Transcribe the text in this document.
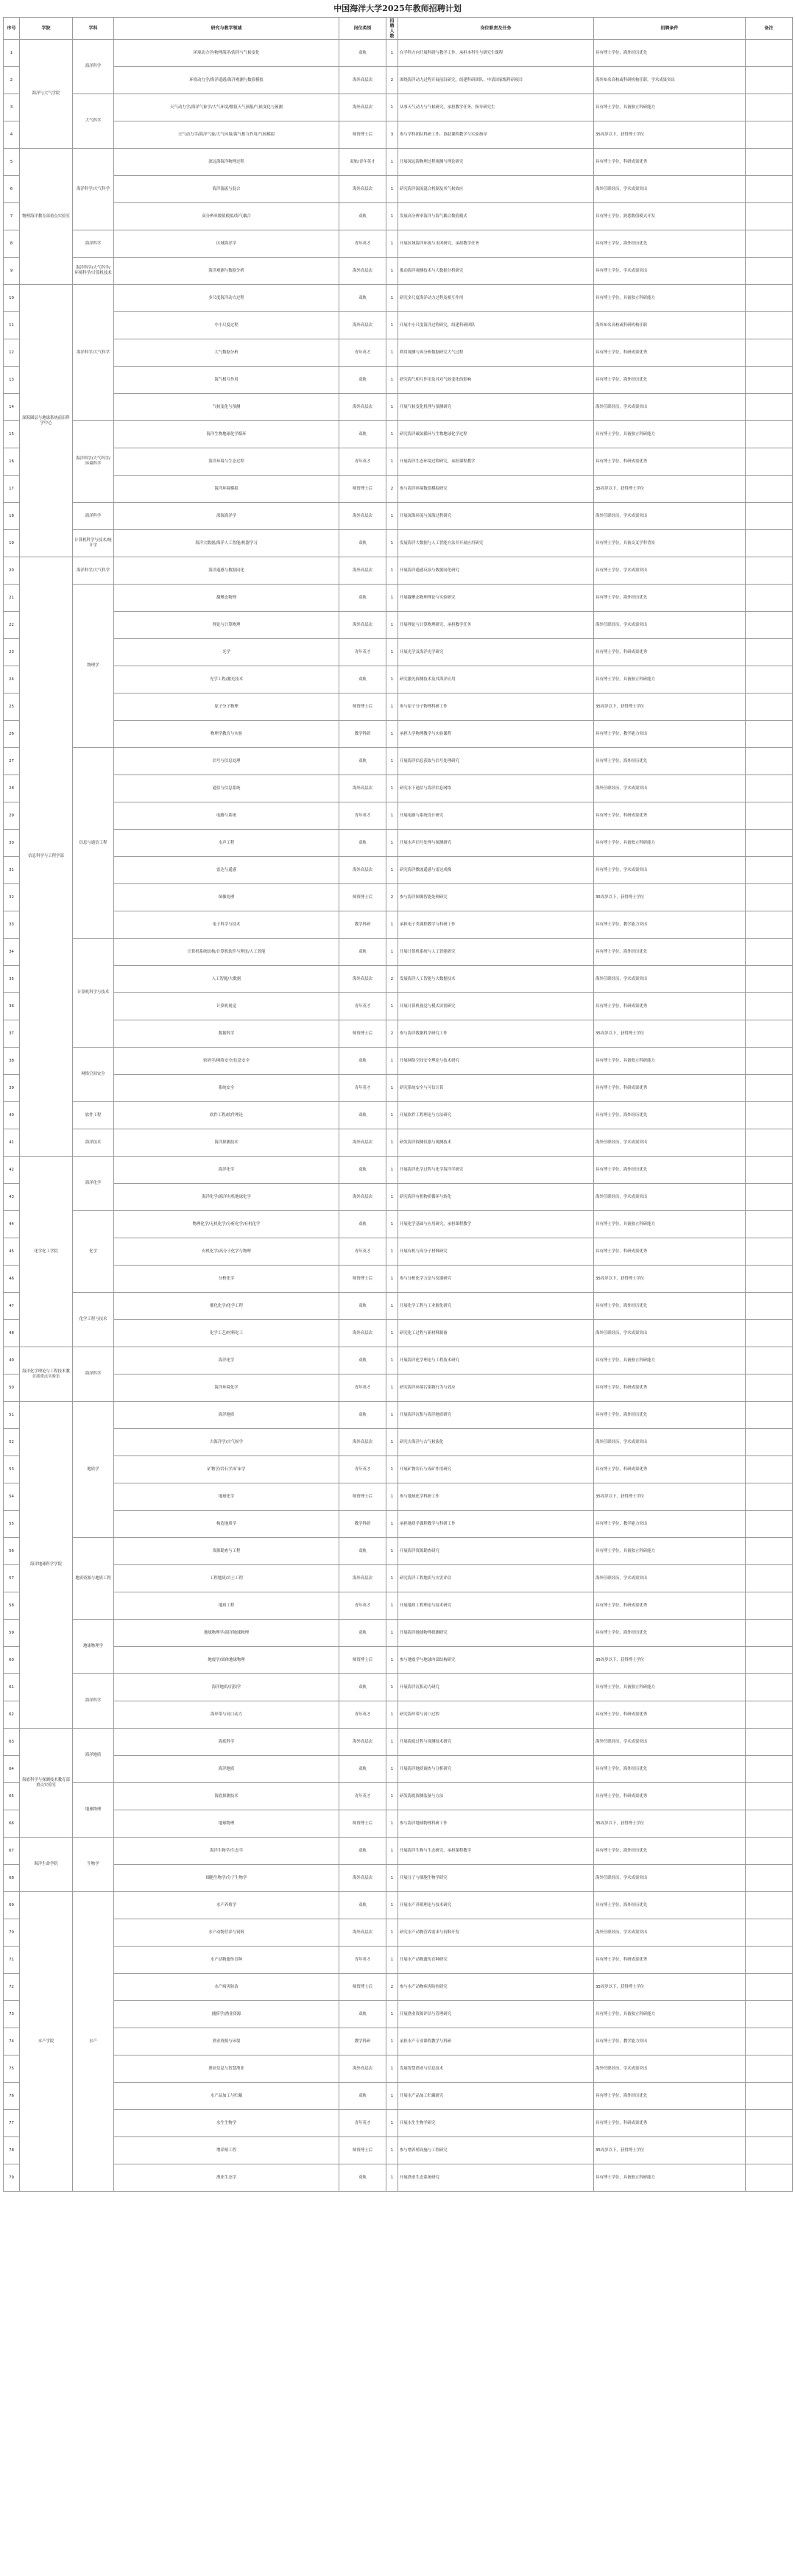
中国海洋大学2025年教师招聘计划
序号	学院	学科	研究与教学领域	岗位类别	招聘人数	岗位职责及任务	招聘条件	备注
1	海洋与大气学院	海洋科学	环境动力学/物理海洋/海洋与气候变化	双轨	1	在学科方向开展科研与教学工作，承担本科生与研究生课程	具有博士学位，海外经历优先	
2			环境动力学/海洋遥感/海洋观测与数值模拟	海外高层次	2	围绕海洋动力过程开展前沿研究，组建科研团队，申请国家级科研项目	海外知名高校或科研机构任职，学术成果突出	
3		大气科学	天气动力学/海洋气象学/大气环境/数值天气预报/气候变化与预测	海外高层次	1	从事天气动力与气候研究，承担教学任务，指导研究生	具有博士学位，具备独立科研能力	
4			天气动力学/海洋气象/大气环境/海气相互作用/气候模拟	师资博士后	3	参与学科团队科研工作，协助课程教学与实验指导	35周岁以下，获得博士学位	
5	物理海洋教育部重点实验室	海洋科学/大气科学	深远海海洋物理过程	双轨/青年英才	1	开展深远海物理过程观测与理论研究	具有博士学位，科研成果优秀	
6			海洋湍流与混合	海外高层次	1	研究海洋湍流混合机制及其气候效应	海外任职经历，学术成果突出	
7			高分辨率数值模拟/海气耦合	双轨	1	发展高分辨率海洋与海气耦合数值模式	具有博士学位，熟悉数值模式开发	
8		海洋科学	区域海洋学	青年英才	1	开展区域海洋环流与水团研究，承担教学任务	具有博士学位，海外经历优先	
9		海洋科学/大气科学/环境科学/计算机技术	海洋观测与数据分析	海外高层次	1	推动海洋观测技术与大数据分析研究	具有博士学位，学术成果突出	
10	深海圈层与地球系统前沿科学中心	海洋科学/大气科学	多尺度海洋动力过程	双轨	1	研究多尺度海洋动力过程及相互作用	具有博士学位，具备独立科研能力	
11			中小尺度过程	海外高层次	1	开展中小尺度海洋过程研究，组建科研团队	海外知名高校或科研机构任职	
12			大气数据分析	青年英才	1	利用观测与再分析数据研究大气过程	具有博士学位，科研成果优秀	
13			海气相互作用	双轨	1	研究海气相互作用及其对气候变化的影响	具有博士学位，海外经历优先	
14			气候变化与预测	海外高层次	1	开展气候变化机理与预测研究	海外任职经历，学术成果突出	
15		海洋科学/大气科学/环境科学	海洋生物地球化学循环	双轨	1	研究海洋碳氮循环与生物地球化学过程	具有博士学位，具备独立科研能力	
16			海洋环境与生态过程	青年英才	1	开展海洋生态环境过程研究，承担课程教学	具有博士学位，科研成果优秀	
17			海洋环境模拟	师资博士后	2	参与海洋环境数值模拟研究	35周岁以下，获得博士学位	
18		海洋科学	深海海洋学	海外高层次	1	开展深海环流与深海过程研究	海外任职经历，学术成果突出	
19		计算机科学与技术/统计学	海洋大数据/海洋人工智能/机器学习	双轨	1	发展海洋大数据与人工智能方法并开展应用研究	具有博士学位，具备交叉学科背景	
20	信息科学与工程学部	海洋科学/大气科学	海洋遥感与数据同化	海外高层次	1	开展海洋遥感反演与数据同化研究	具有博士学位，学术成果突出	
21		物理学	凝聚态物理	双轨	1	开展凝聚态物理理论与实验研究	具有博士学位，海外经历优先	
22			理论与计算物理	海外高层次	1	开展理论与计算物理研究，承担教学任务	海外任职经历，学术成果突出	
23			光学	青年英才	1	开展光学及海洋光学研究	具有博士学位，科研成果优秀	
24			光学工程/激光技术	双轨	1	研究激光探测技术及其海洋应用	具有博士学位，具备独立科研能力	
25			原子分子物理	师资博士后	1	参与原子分子物理科研工作	35周岁以下，获得博士学位	
26			物理学教育与实验	教学科研	1	承担大学物理教学与实验课程	具有博士学位，教学能力突出	
27		信息与通信工程	信号与信息处理	双轨	1	开展海洋信息获取与信号处理研究	具有博士学位，海外经历优先	
28			通信与信息系统	海外高层次	1	研究水下通信与海洋信息网络	海外任职经历，学术成果突出	
29			电路与系统	青年英才	1	开展电路与系统设计研究	具有博士学位，科研成果优秀	
30			水声工程	双轨	1	开展水声信号处理与探测研究	具有博士学位，具备独立科研能力	
31			雷达与遥感	海外高层次	1	研究海洋微波遥感与雷达成像	具有博士学位，学术成果突出	
32			图像处理	师资博士后	2	参与海洋图像智能处理研究	35周岁以下，获得博士学位	
33			电子科学与技术	教学科研	1	承担电子类课程教学与科研工作	具有博士学位，教学能力突出	
34		计算机科学与技术	计算机系统结构/计算机软件与理论/人工智能	双轨	1	开展计算机系统与人工智能研究	具有博士学位，海外经历优先	
35			人工智能/大数据	海外高层次	2	发展海洋人工智能与大数据技术	海外任职经历，学术成果突出	
36			计算机视觉	青年英才	1	开展计算机视觉与模式识别研究	具有博士学位，科研成果优秀	
37			数据科学	师资博士后	2	参与海洋数据科学研究工作	35周岁以下，获得博士学位	
38		网络空间安全	密码学/网络安全/信息安全	双轨	1	开展网络空间安全理论与技术研究	具有博士学位，具备独立科研能力	
39			系统安全	青年英才	1	研究系统安全与可信计算	具有博士学位，科研成果优秀	
40		软件工程	软件工程/软件理论	双轨	1	开展软件工程理论与方法研究	具有博士学位，海外经历优先	
41		海洋技术	海洋探测技术	海外高层次	1	研发海洋探测仪器与观测技术	海外任职经历，学术成果突出	
42	化学化工学院	海洋化学	海洋化学	双轨	1	开展海洋化学过程与化学海洋学研究	具有博士学位，海外经历优先	
43			海洋化学/海洋有机地球化学	海外高层次	1	研究海洋有机物质循环与转化	海外任职经历，学术成果突出	
44		化学	物理化学/无机化学/分析化学/有机化学	双轨	1	开展化学基础与应用研究，承担课程教学	具有博士学位，具备独立科研能力	
45			有机化学/高分子化学与物理	青年英才	1	开展有机与高分子材料研究	具有博士学位，科研成果优秀	
46			分析化学	师资博士后	1	参与分析化学方法与仪器研究	35周岁以下，获得博士学位	
47		化学工程与技术	催化化学/化学工程	双轨	1	开展化学工程与工业催化研究	具有博士学位，海外经历优先	
48			化学工艺/材料化工	海外高层次	1	研究化工过程与新材料制备	海外任职经历，学术成果突出	
49	海洋化学理论与工程技术教育部重点实验室	海洋科学	海洋化学	双轨	1	开展海洋化学理论与工程技术研究	具有博士学位，具备独立科研能力	
50			海洋环境化学	青年英才	1	研究海洋环境污染物行为与效应	具有博士学位，科研成果优秀	
51	海洋地球科学学院	地质学	海洋地质	双轨	1	开展海洋沉积与海洋地质研究	具有博士学位，海外经历优先	
52			古海洋学/古气候学	海外高层次	1	研究古海洋与古气候演化	海外任职经历，学术成果突出	
53			矿物学/岩石学/矿床学	青年英才	1	开展矿物岩石与成矿作用研究	具有博士学位，科研成果优秀	
54			地球化学	师资博士后	1	参与地球化学科研工作	35周岁以下，获得博士学位	
55			构造地质学	教学科研	1	承担地质学课程教学与科研工作	具有博士学位，教学能力突出	
56		地质资源与地质工程	资源勘查与工程	双轨	1	开展海洋资源勘查研究	具有博士学位，具备独立科研能力	
57			工程地质/岩土工程	海外高层次	1	研究海洋工程地质与灾害评估	海外任职经历，学术成果突出	
58			地质工程	青年英才	1	开展地质工程理论与技术研究	具有博士学位，科研成果优秀	
59		地球物理学	地球物理学/海洋地球物理	双轨	1	开展海洋地球物理探测研究	具有博士学位，海外经历优先	
60			地震学/固体地球物理	师资博士后	1	参与地震学与地球内部结构研究	35周岁以下，获得博士学位	
61		海洋科学	海洋地质/沉积学	双轨	1	开展海洋沉积动力研究	具有博士学位，具备独立科研能力	
62			海岸带与河口动力	青年英才	1	研究海岸带与河口过程	具有博士学位，科研成果优秀	
63	海底科学与探测技术教育部重点实验室	海洋地质	海底科学	海外高层次	1	开展海底过程与探测技术研究	海外任职经历，学术成果突出	
64			海洋地质	双轨	1	开展海洋地质调查与分析研究	具有博士学位，海外经历优先	
65		地球物理	海底探测技术	青年英才	1	研发海底探测装备与方法	具有博士学位，科研成果优秀	
66			地球物理	师资博士后	1	参与海洋地球物理科研工作	35周岁以下，获得博士学位	
67	海洋生命学院	生物学	海洋生物学/生态学	双轨	1	开展海洋生物与生态研究，承担课程教学	具有博士学位，海外经历优先	
68			细胞生物学/分子生物学	海外高层次	1	开展分子与细胞生物学研究	海外任职经历，学术成果突出	
69	水产学院	水产	水产养殖学	双轨	1	开展水产养殖理论与技术研究	具有博士学位，海外经历优先	
70			水产动物营养与饲料	海外高层次	1	研究水产动物营养需求与饲料开发	海外任职经历，学术成果突出	
71			水产动物遗传育种	青年英才	1	开展水产动物遗传育种研究	具有博士学位，科研成果优秀	
72			水产病害防治	师资博士后	2	参与水产动物病害防控研究	35周岁以下，获得博士学位	
73			捕捞学/渔业资源	双轨	1	开展渔业资源评估与管理研究	具有博士学位，具备独立科研能力	
74			渔业资源与环境	教学科研	1	承担水产专业课程教学与科研	具有博士学位，教学能力突出	
75			渔业信息与智慧渔业	海外高层次	1	发展智慧渔业与信息技术	海外任职经历，学术成果突出	
76			水产品加工与贮藏	双轨	1	开展水产品加工贮藏研究	具有博士学位，海外经历优先	
77			水生生物学	青年英才	1	开展水生生物学研究	具有博士学位，科研成果优秀	
78			增养殖工程	师资博士后	1	参与增养殖设施与工程研究	35周岁以下，获得博士学位	
79			渔业生态学	双轨	1	开展渔业生态系统研究	具有博士学位，具备独立科研能力	
